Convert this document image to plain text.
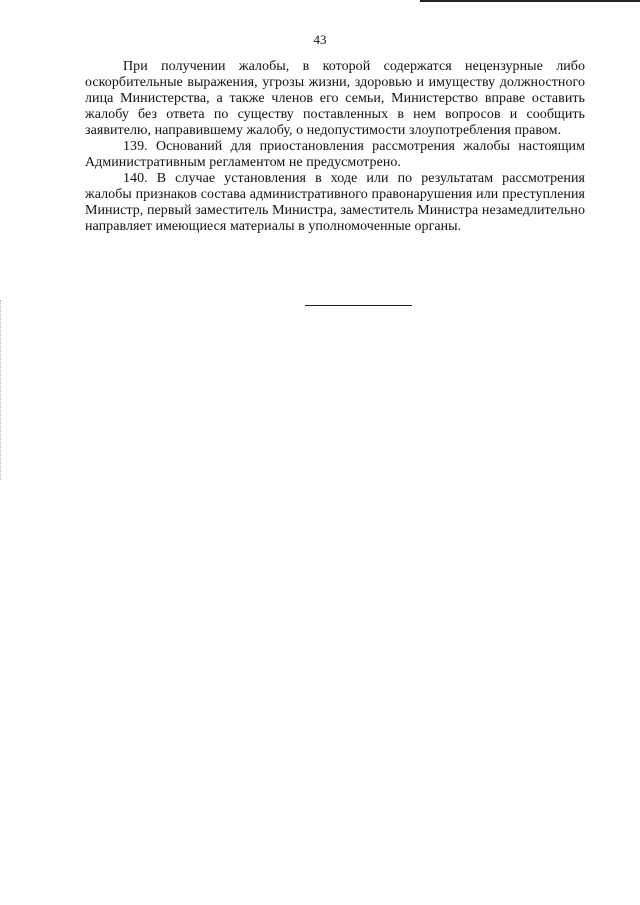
43

При получении жалобы, в которой содержатся нецензурные либо оскорбительные выражения, угрозы жизни, здоровью и имуществу должностного лица Министерства, а также членов его семьи, Министерство вправе оставить жалобу без ответа по существу поставленных в нем вопросов и сообщить заявителю, направившему жалобу, о недопустимости злоупотребления правом.

139. Оснований для приостановления рассмотрения жалобы настоящим Административным регламентом не предусмотрено.

140. В случае установления в ходе или по результатам рассмотрения жалобы признаков состава административного правонарушения или преступления Министр, первый заместитель Министра, заместитель Министра незамедлительно направляет имеющиеся материалы в уполномоченные органы.
